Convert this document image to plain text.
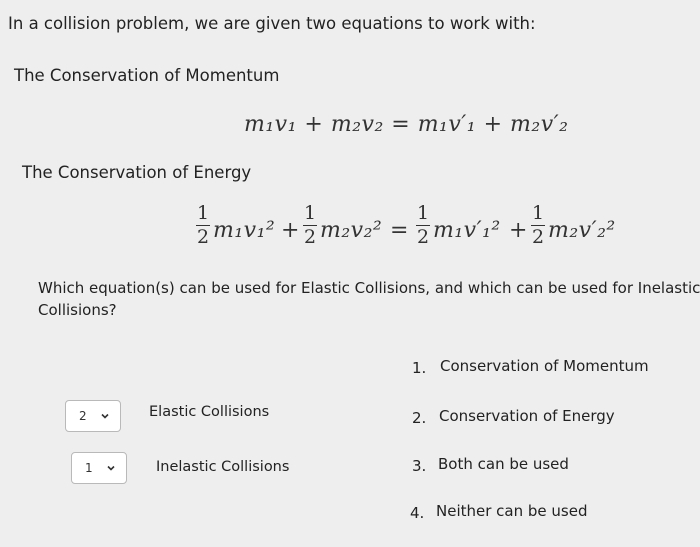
In a collision problem, we are given two equations to work with:
The Conservation of Momentum
m₁v₁ + m₂v₂ = m₁v′₁ + m₂v′₂
The Conservation of Energy
1
2 m₁v₁² +
1
2 m₂v₂² =
1
2 m₁v′₁² +
1
2 m₂v′₂²
Which equation(s) can be used for Elastic Collisions, and which can be used for Inelastic
Collisions?
1. Conservation of Momentum
2. Conservation of Energy
3. Both can be used
4. Neither can be used
2	Elastic Collisions
1	Inelastic Collisions
